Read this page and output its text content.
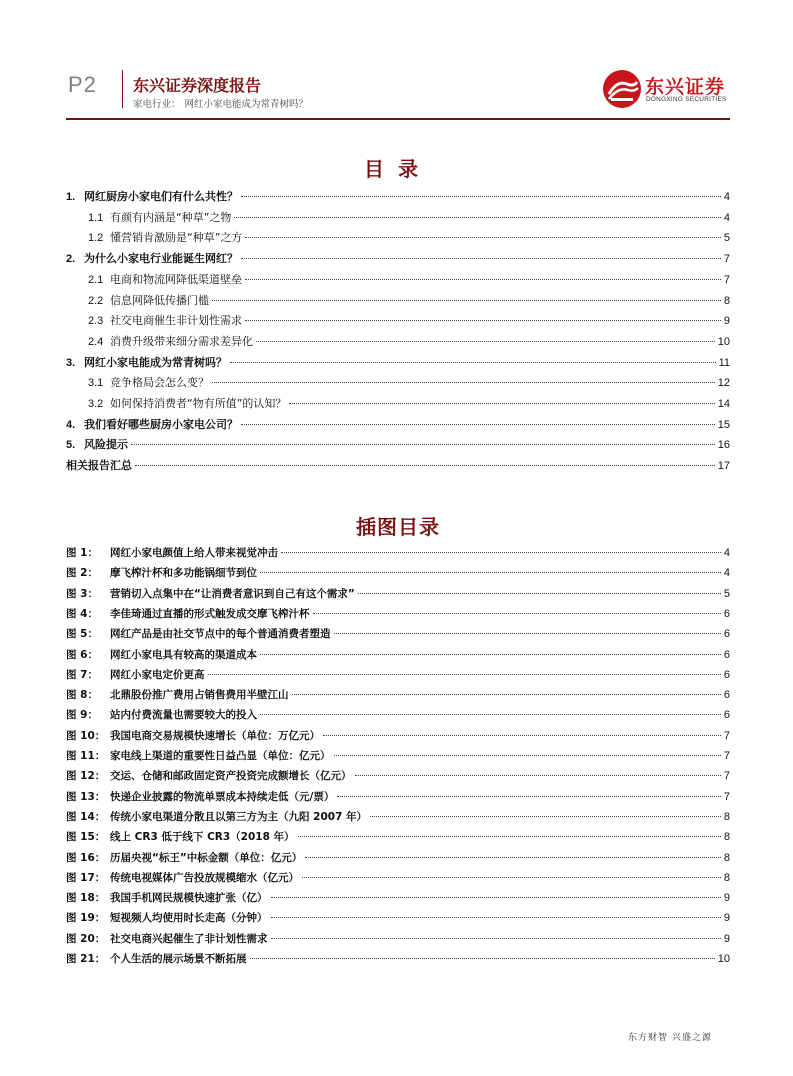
P2 东兴证券深度报告
家电行业： 网红小家电能成为常青树吗？
东兴证券
DONGXING SECURITIES
目录
1. 网红厨房小家电们有什么共性？	4
1.1 有颜有内涵是“种草”之物	4
1.2 懂营销肯激励是“种草”之方	5
2. 为什么小家电行业能诞生网红？	7
2.1 电商和物流网降低渠道壁垒	7
2.2 信息网降低传播门槛	8
2.3 社交电商催生非计划性需求	9
2.4 消费升级带来细分需求差异化	10
3. 网红小家电能成为常青树吗？	11
3.1 竞争格局会怎么变？	12
3.2 如何保持消费者“物有所值”的认知？	14
4. 我们看好哪些厨房小家电公司？	15
5. 风险提示	16
相关报告汇总	17
插图目录
图 1：	网红小家电颜值上给人带来视觉冲击	4
图 2：	摩飞榨汁杯和多功能锅细节到位	4
图 3：	营销切入点集中在“让消费者意识到自己有这个需求”	5
图 4：	李佳琦通过直播的形式触发成交摩飞榨汁杯	6
图 5：	网红产品是由社交节点中的每个普通消费者塑造	6
图 6：	网红小家电具有较高的渠道成本	6
图 7：	网红小家电定价更高	6
图 8：	北鼎股份推广费用占销售费用半壁江山	6
图 9：	站内付费流量也需要较大的投入	6
图 10： 我国电商交易规模快速增长（单位：万亿元）	7
图 11： 家电线上渠道的重要性日益凸显（单位：亿元）	7
图 12： 交运、仓储和邮政固定资产投资完成额增长（亿元）	7
图 13： 快递企业披露的物流单票成本持续走低（元/票）	7
图 14： 传统小家电渠道分散且以第三方为主（九阳 2007 年）	8
图 15： 线上 CR3 低于线下 CR3（2018 年）	8
图 16： 历届央视“标王”中标金额（单位：亿元）	8
图 17： 传统电视媒体广告投放规模缩水（亿元）	8
图 18： 我国手机网民规模快速扩张（亿）	9
图 19： 短视频人均使用时长走高（分钟）	9
图 20： 社交电商兴起催生了非计划性需求	9
图 21： 个人生活的展示场景不断拓展	10
东方财智 兴盛之源
